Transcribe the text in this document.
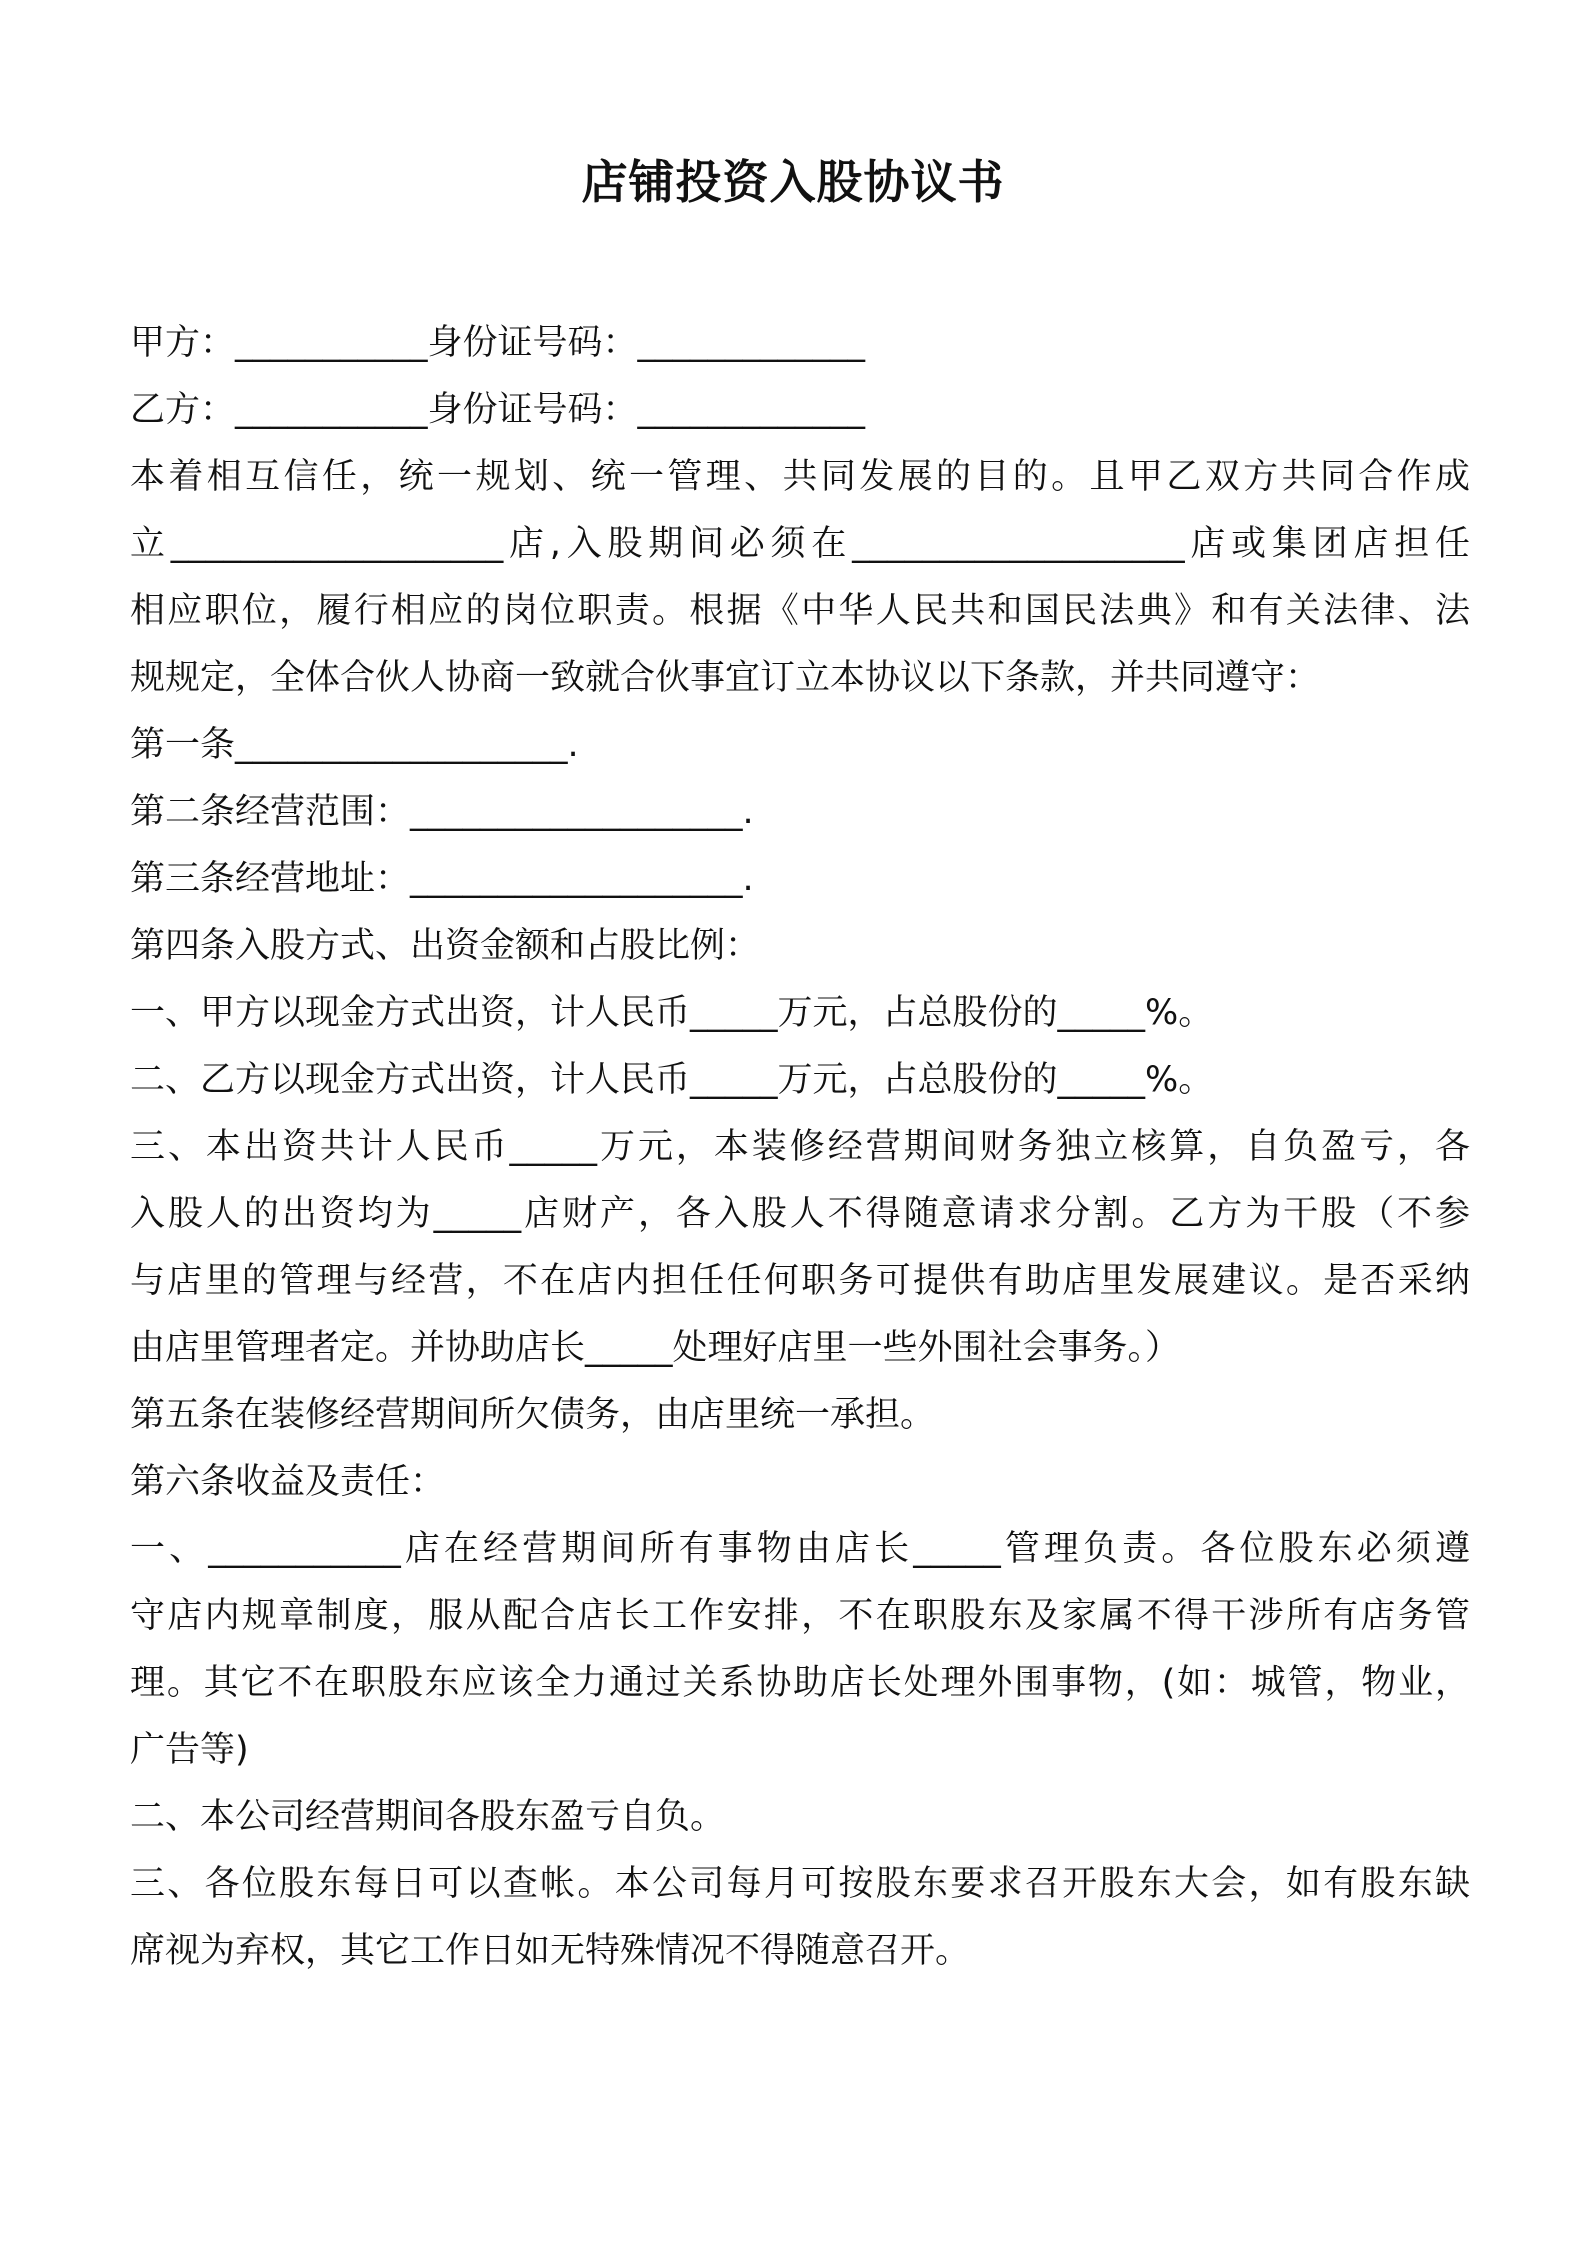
店铺投资入股协议书
甲方：___________身份证号码：_____________
乙方：___________身份证号码：_____________
本着相互信任，统一规划、统一管理、共同发展的目的。且甲乙双方共同合作成
立___________________店,入股期间必须在___________________店或集团店担任
相应职位，履行相应的岗位职责。根据《中华人民共和国民法典》和有关法律、法
规规定，全体合伙人协商一致就合伙事宜订立本协议以下条款，并共同遵守：
第一条___________________.
第二条经营范围：___________________.
第三条经营地址：___________________.
第四条入股方式、出资金额和占股比例：
一、甲方以现金方式出资，计人民币_____万元，占总股份的_____%。
二、乙方以现金方式出资，计人民币_____万元，占总股份的_____%。
三、本出资共计人民币_____万元，本装修经营期间财务独立核算，自负盈亏，各
入股人的出资均为_____店财产，各入股人不得随意请求分割。乙方为干股（不参
与店里的管理与经营，不在店内担任任何职务可提供有助店里发展建议。是否采纳
由店里管理者定。并协助店长_____处理好店里一些外围社会事务。）
第五条在装修经营期间所欠债务，由店里统一承担。
第六条收益及责任：
一、___________店在经营期间所有事物由店长_____管理负责。各位股东必须遵
守店内规章制度，服从配合店长工作安排，不在职股东及家属不得干涉所有店务管
理。其它不在职股东应该全力通过关系协助店长处理外围事物，(如：城管，物业，
广告等)
二、本公司经营期间各股东盈亏自负。
三、各位股东每日可以查帐。本公司每月可按股东要求召开股东大会，如有股东缺
席视为弃权，其它工作日如无特殊情况不得随意召开。
